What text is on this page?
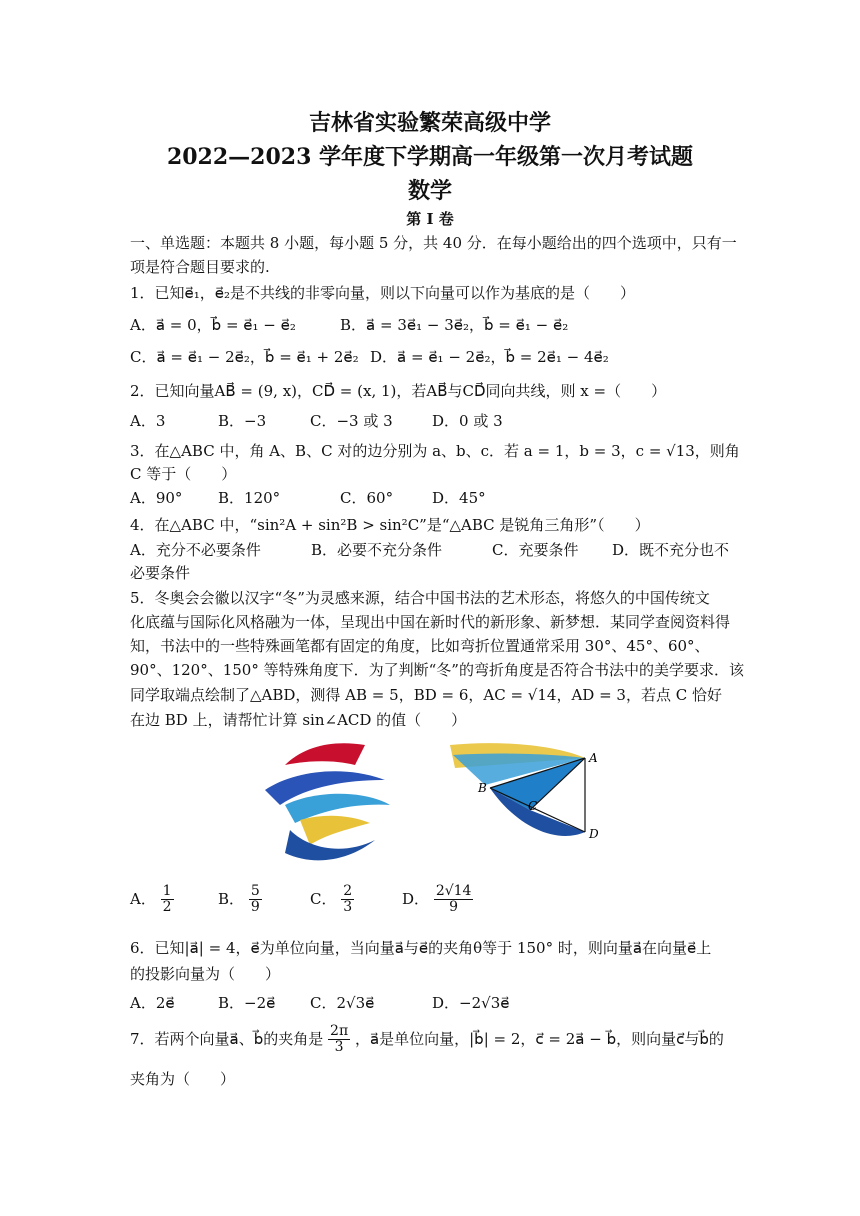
吉林省实验繁荣高级中学
2022—2023 学年度下学期高一年级第一次月考试题
数学
第 I 卷
一、单选题：本题共 8 小题，每小题 5 分，共 40 分．在每小题给出的四个选项中，只有一
项是符合题目要求的.
1．已知e⃗₁，e⃗₂是不共线的非零向量，则以下向量可以作为基底的是（　　）
A．a⃗ = 0，b⃗ = e⃗₁ − e⃗₂	B．a⃗ = 3e⃗₁ − 3e⃗₂，b⃗ = e⃗₁ − e⃗₂
C．a⃗ = e⃗₁ − 2e⃗₂，b⃗ = e⃗₁ + 2e⃗₂ D．a⃗ = e⃗₁ − 2e⃗₂，b⃗ = 2e⃗₁ − 4e⃗₂
2．已知向量AB⃗ = (9, x)，CD⃗ = (x, 1)，若AB⃗与CD⃗同向共线，则 x =（　　）
A．3	B．−3	C．−3 或 3	D．0 或 3
3．在△ABC 中，角 A、B、C 对的边分别为 a、b、c．若 a = 1，b = 3，c = √13，则角
C 等于（　　）
A．90° B．120°	C．60°	D．45°
4．在△ABC 中，“sin²A + sin²B > sin²C”是“△ABC 是锐角三角形”（　　）
A．充分不必要条件	B．必要不充分条件	C．充要条件 D．既不充分也不
必要条件
5．冬奥会会徽以汉字“冬”为灵感来源，结合中国书法的艺术形态，将悠久的中国传统文
化底蕴与国际化风格融为一体，呈现出中国在新时代的新形象、新梦想．某同学查阅资料得
知，书法中的一些特殊画笔都有固定的角度，比如弯折位置通常采用 30°、45°、60°、
90°、120°、150° 等特殊角度下．为了判断“冬”的弯折角度是否符合书法中的美学要求．该
同学取端点绘制了△ABD，测得 AB = 5，BD = 6，AC = √14，AD = 3，若点 C 恰好
在边 BD 上，请帮忙计算 sin∠ACD 的值（　　）
A
B
C
D
A． $\frac{1}{2}$	B． $\frac{5}{9}$	C． $\frac{2}{3}$	D． $\frac{2√14}{9}$
6．已知|a⃗| = 4，e⃗为单位向量，当向量a⃗与e⃗的夹角θ等于 150° 时，则向量a⃗在向量e⃗上
的投影向量为（　　）
A．2e⃗	B．−2e⃗ C．2√3e⃗	D．−2√3e⃗
7．若两个向量a⃗、b⃗的夹角是 $\frac{2\pi}{3}$ ，a⃗是单位向量，|b⃗| = 2，c⃗ = 2a⃗ − b⃗，则向量c⃗与b⃗的
夹角为（　　）
